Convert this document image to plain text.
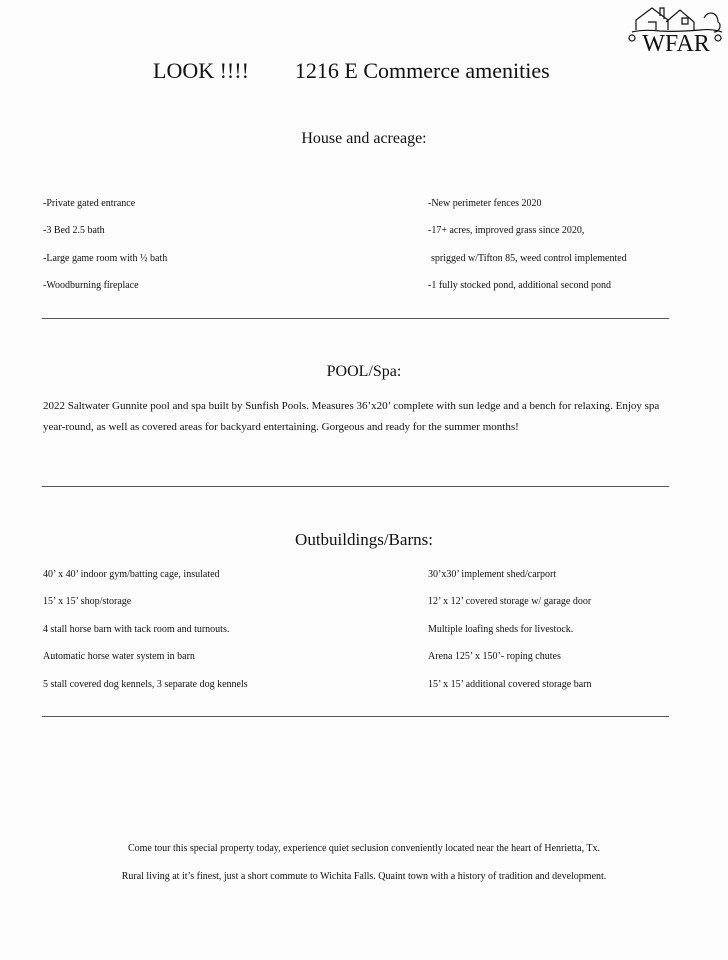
WFAR
LOOK !!!! 1216 E Commerce amenities
House and acreage:
-Private gated entrance
-3 Bed 2.5 bath
-Large game room with ½ bath
-Woodburning fireplace
-New perimeter fences 2020
-17+ acres, improved grass since 2020,
sprigged w/Tifton 85, weed control implemented
-1 fully stocked pond, additional second pond
POOL/Spa:
2022 Saltwater Gunnite pool and spa built by Sunfish Pools. Measures 36’x20’ complete with sun ledge and a bench for relaxing. Enjoy spa year-round, as well as covered areas for backyard entertaining. Gorgeous and ready for the summer months!
Outbuildings/Barns:
40’ x 40’ indoor gym/batting cage, insulated
15’ x 15’ shop/storage
4 stall horse barn with tack room and turnouts.
Automatic horse water system in barn
5 stall covered dog kennels, 3 separate dog kennels
30’x30’ implement shed/carport
12’ x 12’ covered storage w/ garage door
Multiple loafing sheds for livestock.
Arena 125’ x 150’- roping chutes
15’ x 15’ additional covered storage barn
Come tour this special property today, experience quiet seclusion conveniently located near the heart of Henrietta, Tx.
Rural living at it’s finest, just a short commute to Wichita Falls. Quaint town with a history of tradition and development.
